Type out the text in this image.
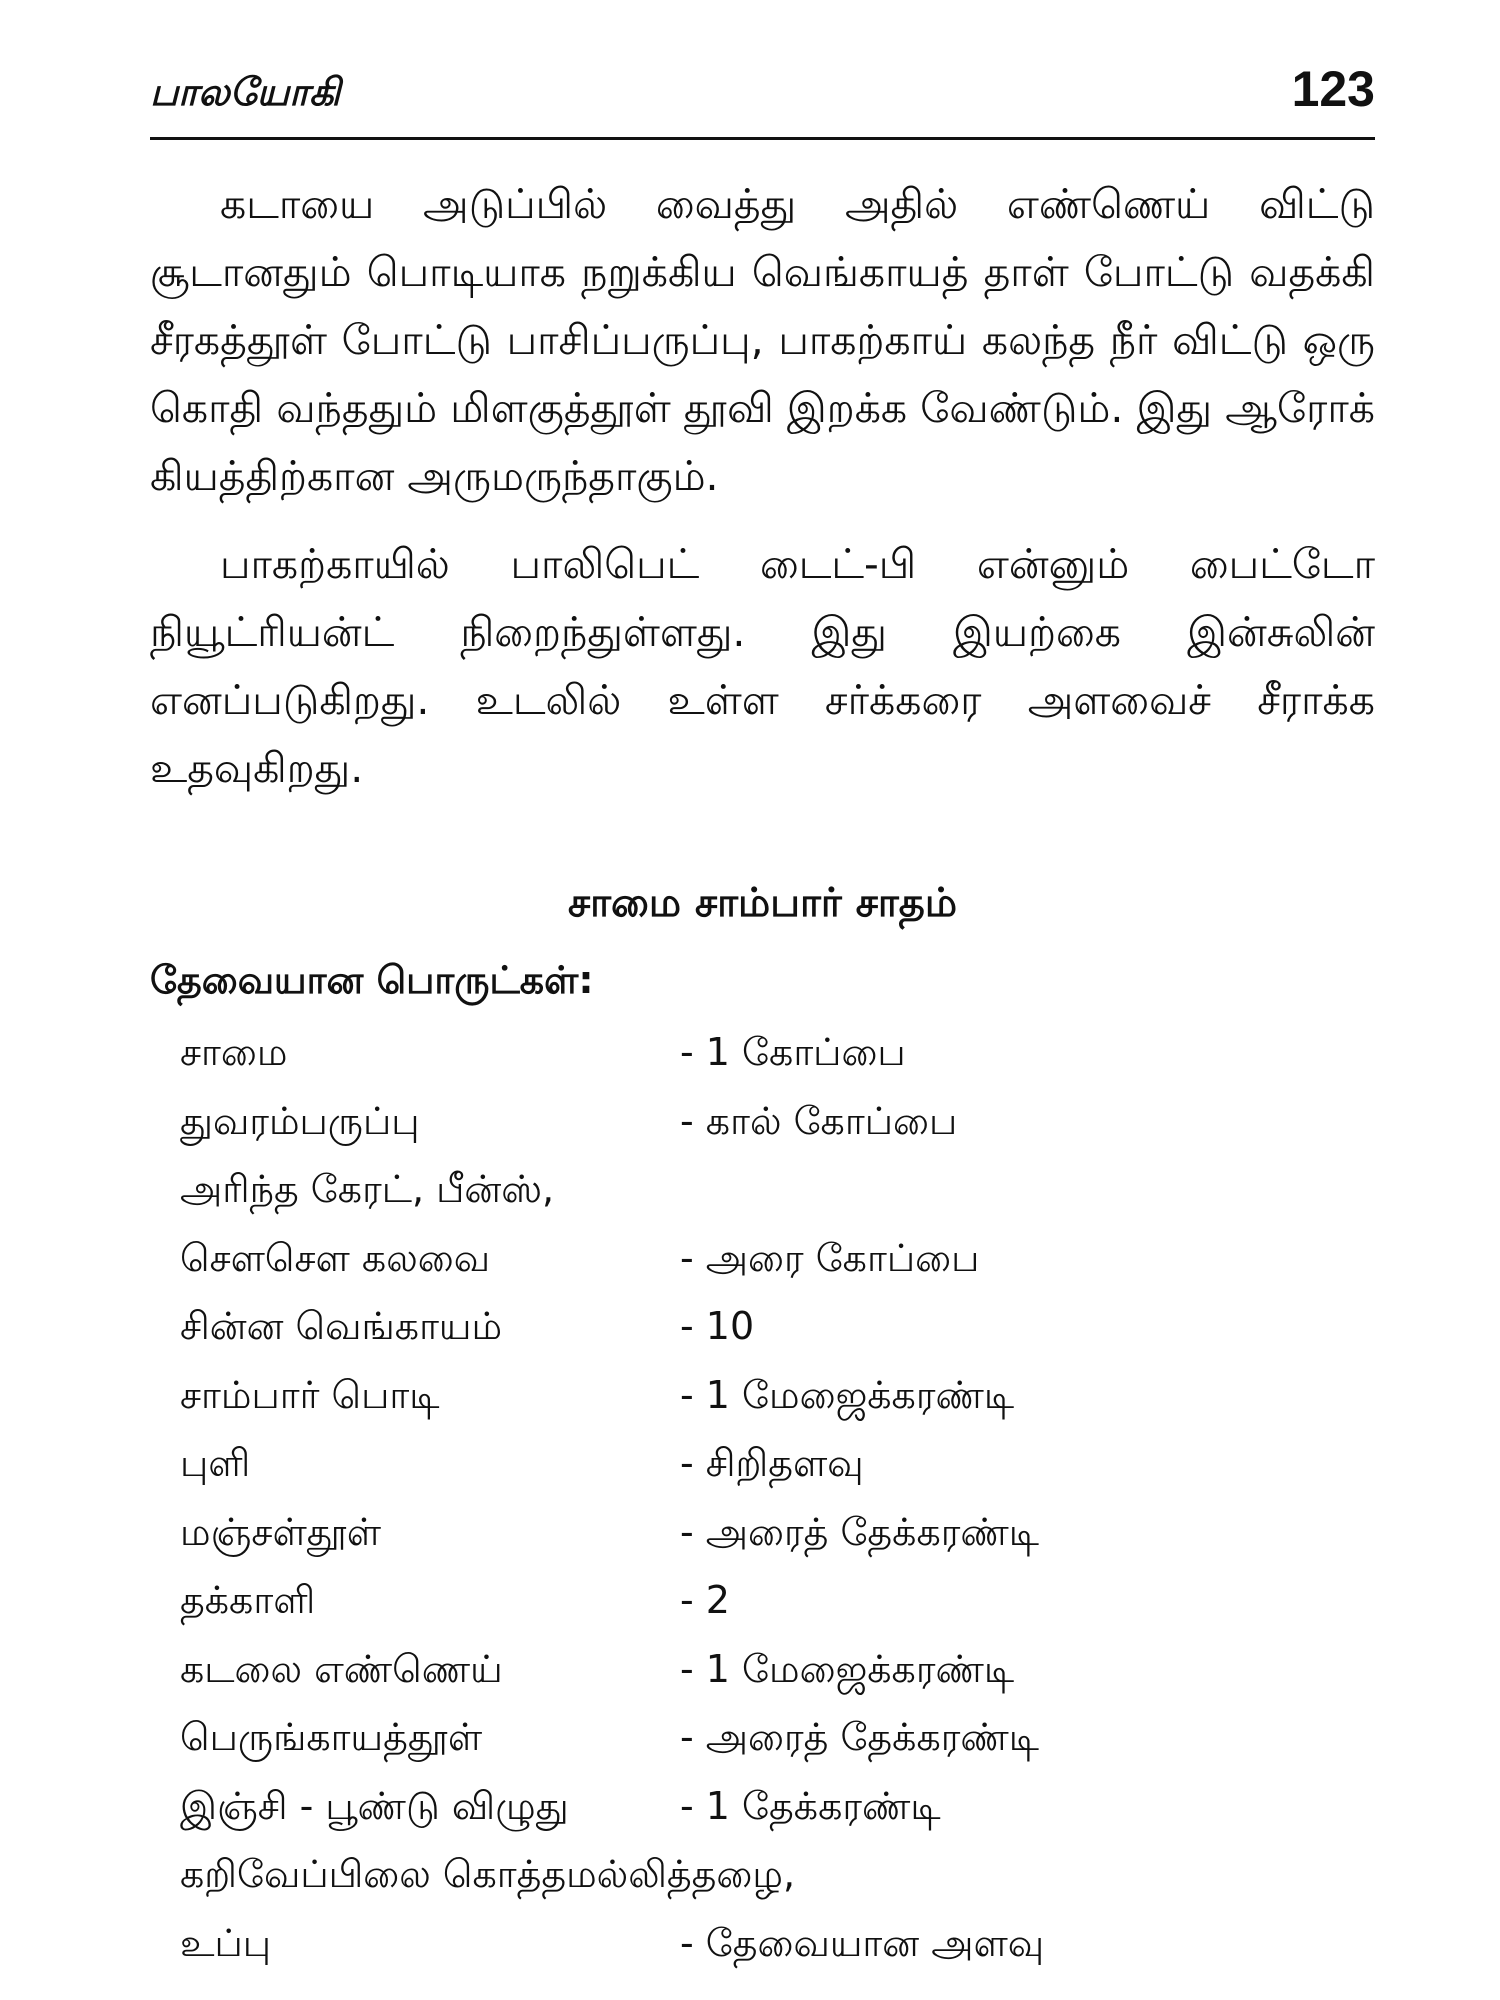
பாலயோகி	123

கடாயை அடுப்பில் வைத்து அதில் எண்ணெய் விட்டு சூடானதும் பொடியாக நறுக்கிய வெங்காயத் தாள் போட்டு வதக்கி சீரகத்தூள் போட்டு பாசிப்பருப்பு, பாகற்காய் கலந்த நீர் விட்டு ஒரு கொதி வந்ததும் மிளகுத்தூள் தூவி இறக்க வேண்டும். இது ஆரோக் கியத்திற்கான அருமருந்தாகும்.

பாகற்காயில் பாலிபெட் டைட்-பி என்னும் பைட்டோ நியூட்ரியன்ட் நிறைந்துள்ளது. இது இயற்கை இன்சுலின் எனப்படுகிறது. உடலில் உள்ள சர்க்கரை அளவைச் சீராக்க உதவுகிறது.

சாமை சாம்பார் சாதம்
தேவையான பொருட்கள்:
சாமை	- 1 கோப்பை
துவரம்பருப்பு	- கால் கோப்பை
அரிந்த கேரட், பீன்ஸ்,
சௌசௌ கலவை	- அரை கோப்பை
சின்ன வெங்காயம்	- 10
சாம்பார் பொடி	- 1 மேஜைக்கரண்டி
புளி	- சிறிதளவு
மஞ்சள்தூள்	- அரைத் தேக்கரண்டி
தக்காளி	- 2
கடலை எண்ணெய்	- 1 மேஜைக்கரண்டி
பெருங்காயத்தூள்	- அரைத் தேக்கரண்டி
இஞ்சி - பூண்டு விழுது	- 1 தேக்கரண்டி
கறிவேப்பிலை கொத்தமல்லித்தழை,
உப்பு	- தேவையான அளவு
